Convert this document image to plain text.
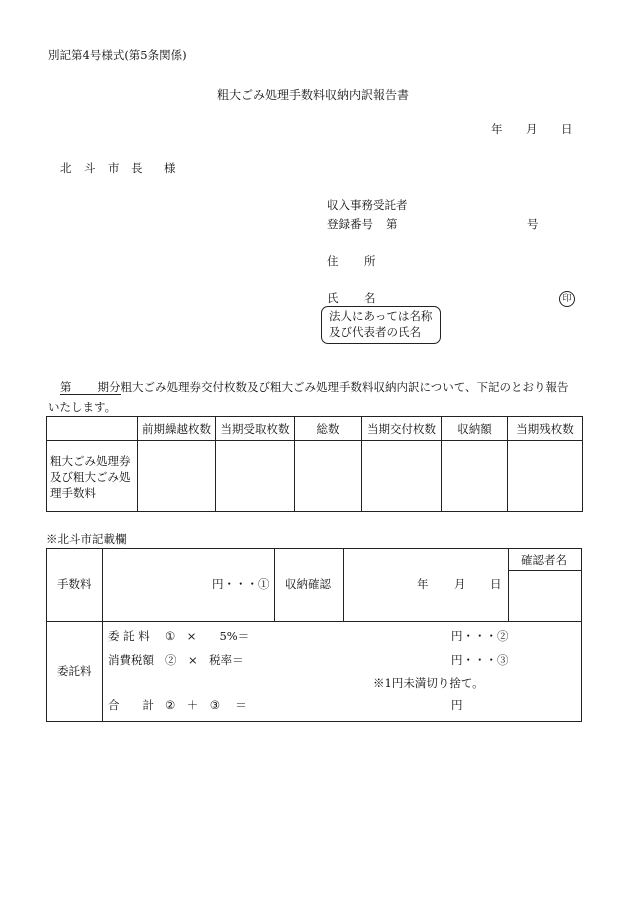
別記第4号様式(第5条関係)
粗大ごみ処理手数料収納内訳報告書
年 月 日
北 斗 市 長 様
収入事務受託者
登録番号 第	号
住 所
氏 名	印
法人にあっては名称
及び代表者の氏名
第 期分粗大ごみ処理券交付枚数及び粗大ごみ処理手数料収納内訳について、下記のとおり報告
いたします。
	前期繰越枚数	当期受取枚数	総数	当期交付枚数	収納額	当期残枚数

粗大ごみ処理券
及び粗大ごみ処
理手数料						

※北斗市記載欄
手数料	円・・・① 収納確認	年 月 日
確認者名
委託料
委 託 料 ①　×　　5%＝	円・・・②
消費税額 ②　×　税率＝	円・・・③
※1円未満切り捨て。
合　　計 ②　＋　③　 ＝	円
